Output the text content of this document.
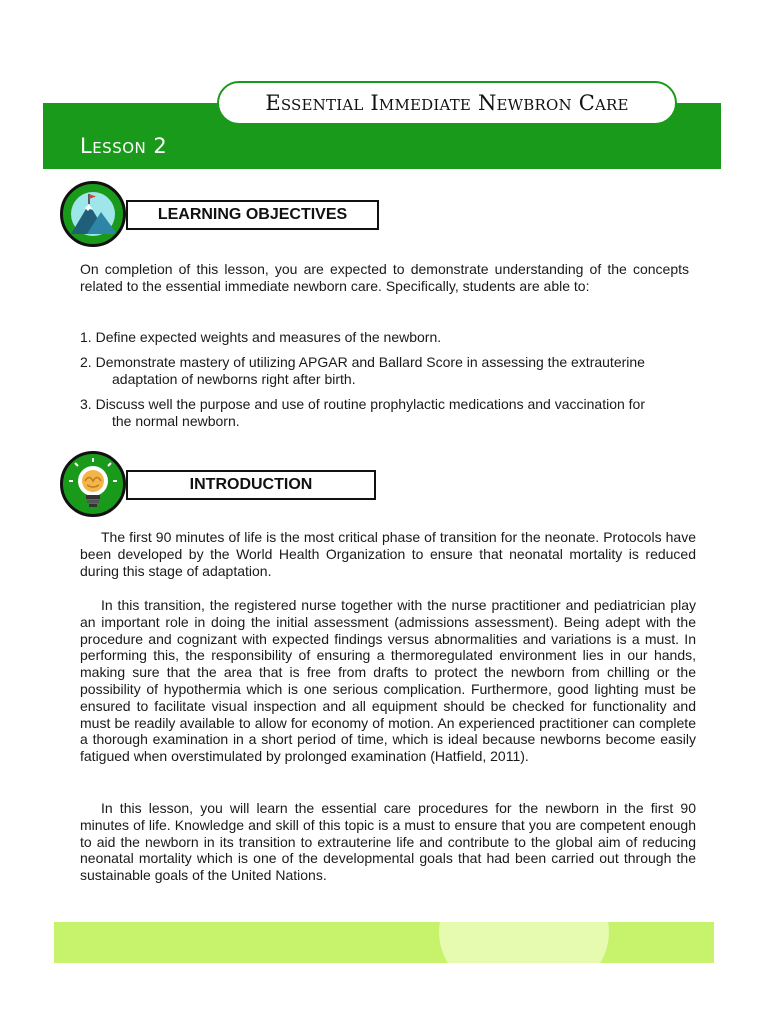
Lesson 2
Essential Immediate Newbron Care
LEARNING OBJECTIVES
On completion of this lesson, you are expected to demonstrate understanding of the concepts related to the essential immediate newborn care. Specifically, students are able to:
1. Define expected weights and measures of the newborn.
2. Demonstrate mastery of utilizing APGAR and Ballard Score in assessing the extrauterine
adaptation of newborns right after birth.
3. Discuss well the purpose and use of routine prophylactic medications and vaccination for
the normal newborn.
INTRODUCTION
The first 90 minutes of life is the most critical phase of transition for the neonate. Protocols have been developed by the World Health Organization to ensure that neonatal mortality is reduced during this stage of adaptation.
In this transition, the registered nurse together with the nurse practitioner and pediatrician play an important role in doing the initial assessment (admissions assessment). Being adept with the procedure and cognizant with expected findings versus abnormalities and variations is a must. In performing this, the responsibility of ensuring a thermoregulated environment lies in our hands, making sure that the area that is free from drafts to protect the newborn from chilling or the possibility of hypothermia which is one serious complication. Furthermore, good lighting must be ensured to facilitate visual inspection and all equipment should be checked for functionality and must be readily available to allow for economy of motion. An experienced practitioner can complete a thorough examination in a short period of time, which is ideal because newborns become easily fatigued when overstimulated by prolonged examination (Hatfield, 2011).
In this lesson, you will learn the essential care procedures for the newborn in the first 90 minutes of life. Knowledge and skill of this topic is a must to ensure that you are competent enough to aid the newborn in its transition to extrauterine life and contribute to the global aim of reducing neonatal mortality which is one of the developmental goals that had been carried out through the sustainable goals of the United Nations.
